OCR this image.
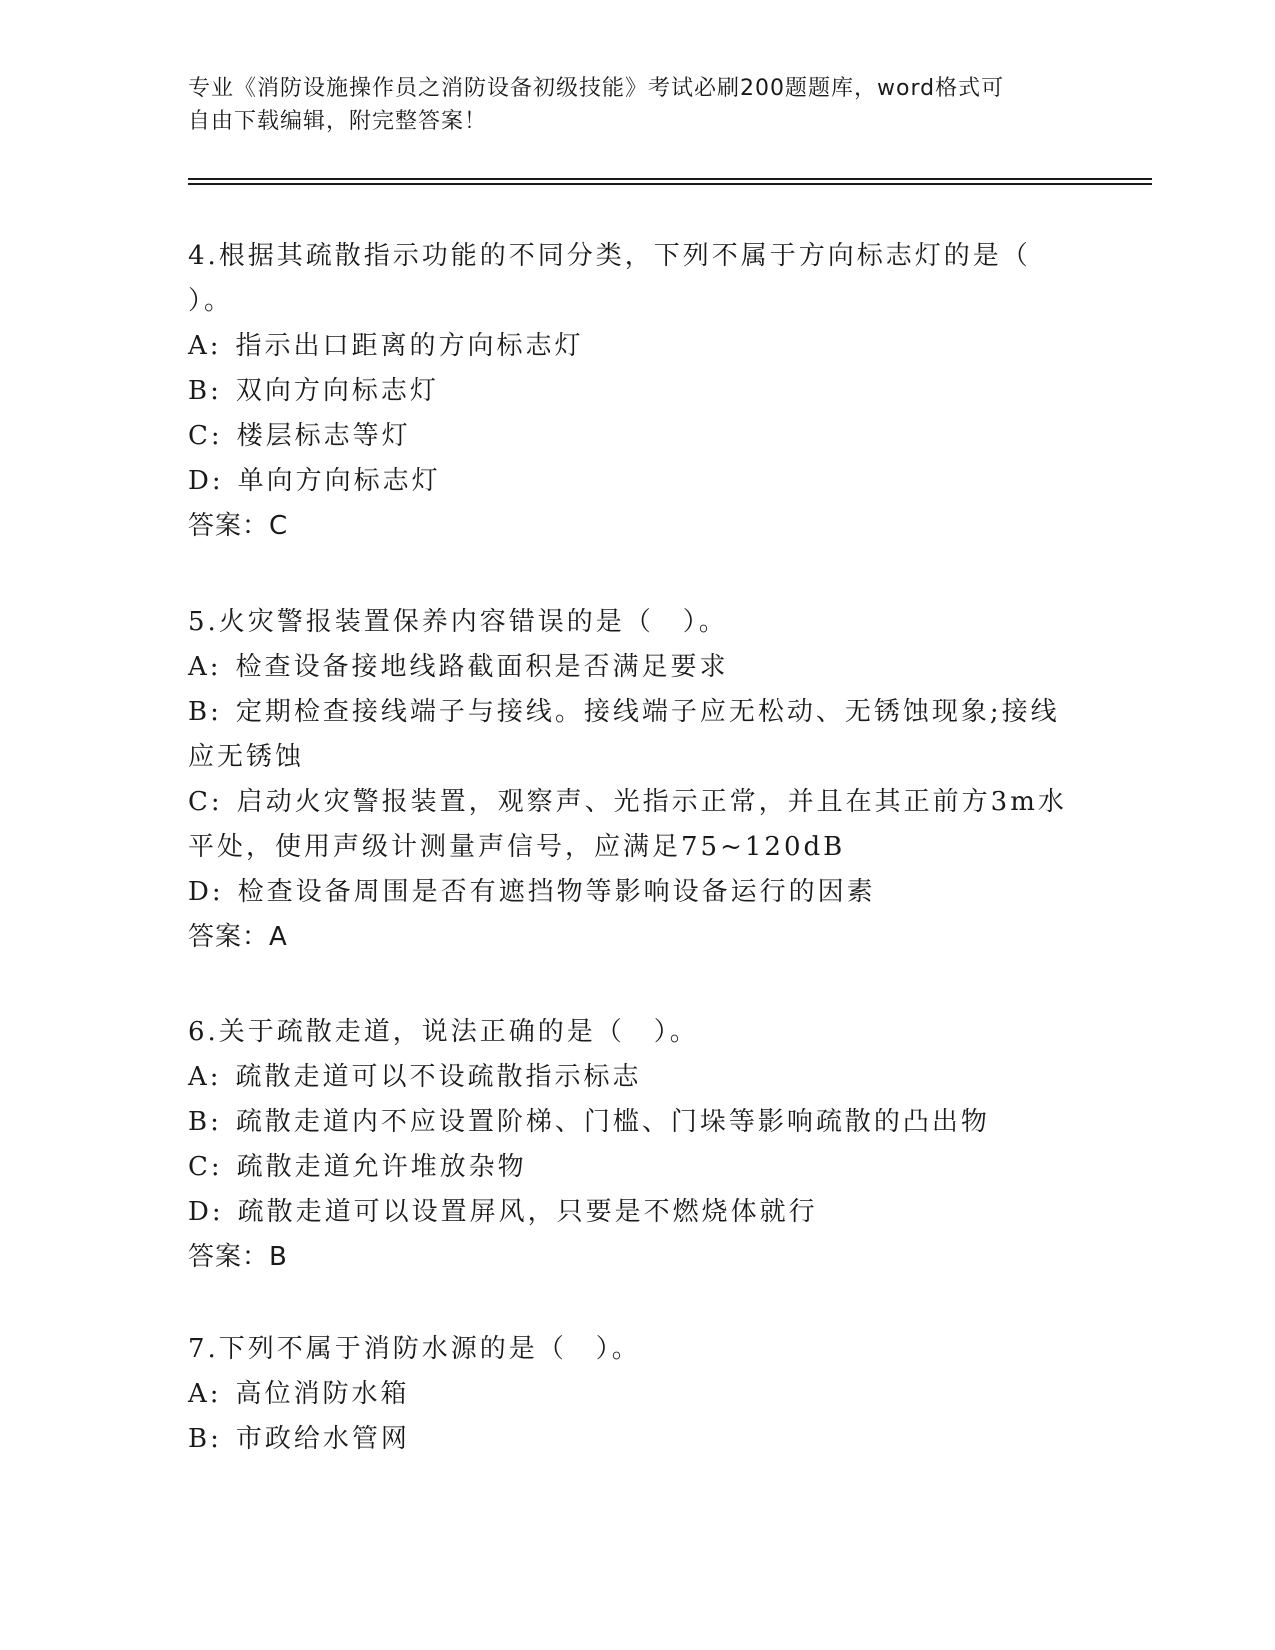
专业《消防设施操作员之消防设备初级技能》考试必刷200题题库，word格式可
自由下载编辑，附完整答案！
4.根据其疏散指示功能的不同分类，下列不属于方向标志灯的是（
）。
A: 指示出口距离的方向标志灯
B: 双向方向标志灯
C: 楼层标志等灯
D: 单向方向标志灯
答案：C
5.火灾警报装置保养内容错误的是（　）。
A: 检查设备接地线路截面积是否满足要求
B: 定期检查接线端子与接线。接线端子应无松动、无锈蚀现象;接线
应无锈蚀
C: 启动火灾警报装置，观察声、光指示正常，并且在其正前方3m水
平处，使用声级计测量声信号，应满足75~120dB
D: 检查设备周围是否有遮挡物等影响设备运行的因素
答案：A
6.关于疏散走道，说法正确的是（　）。
A: 疏散走道可以不设疏散指示标志
B: 疏散走道内不应设置阶梯、门槛、门垛等影响疏散的凸出物
C: 疏散走道允许堆放杂物
D: 疏散走道可以设置屏风，只要是不燃烧体就行
答案：B
7.下列不属于消防水源的是（　）。
A: 高位消防水箱
B: 市政给水管网
